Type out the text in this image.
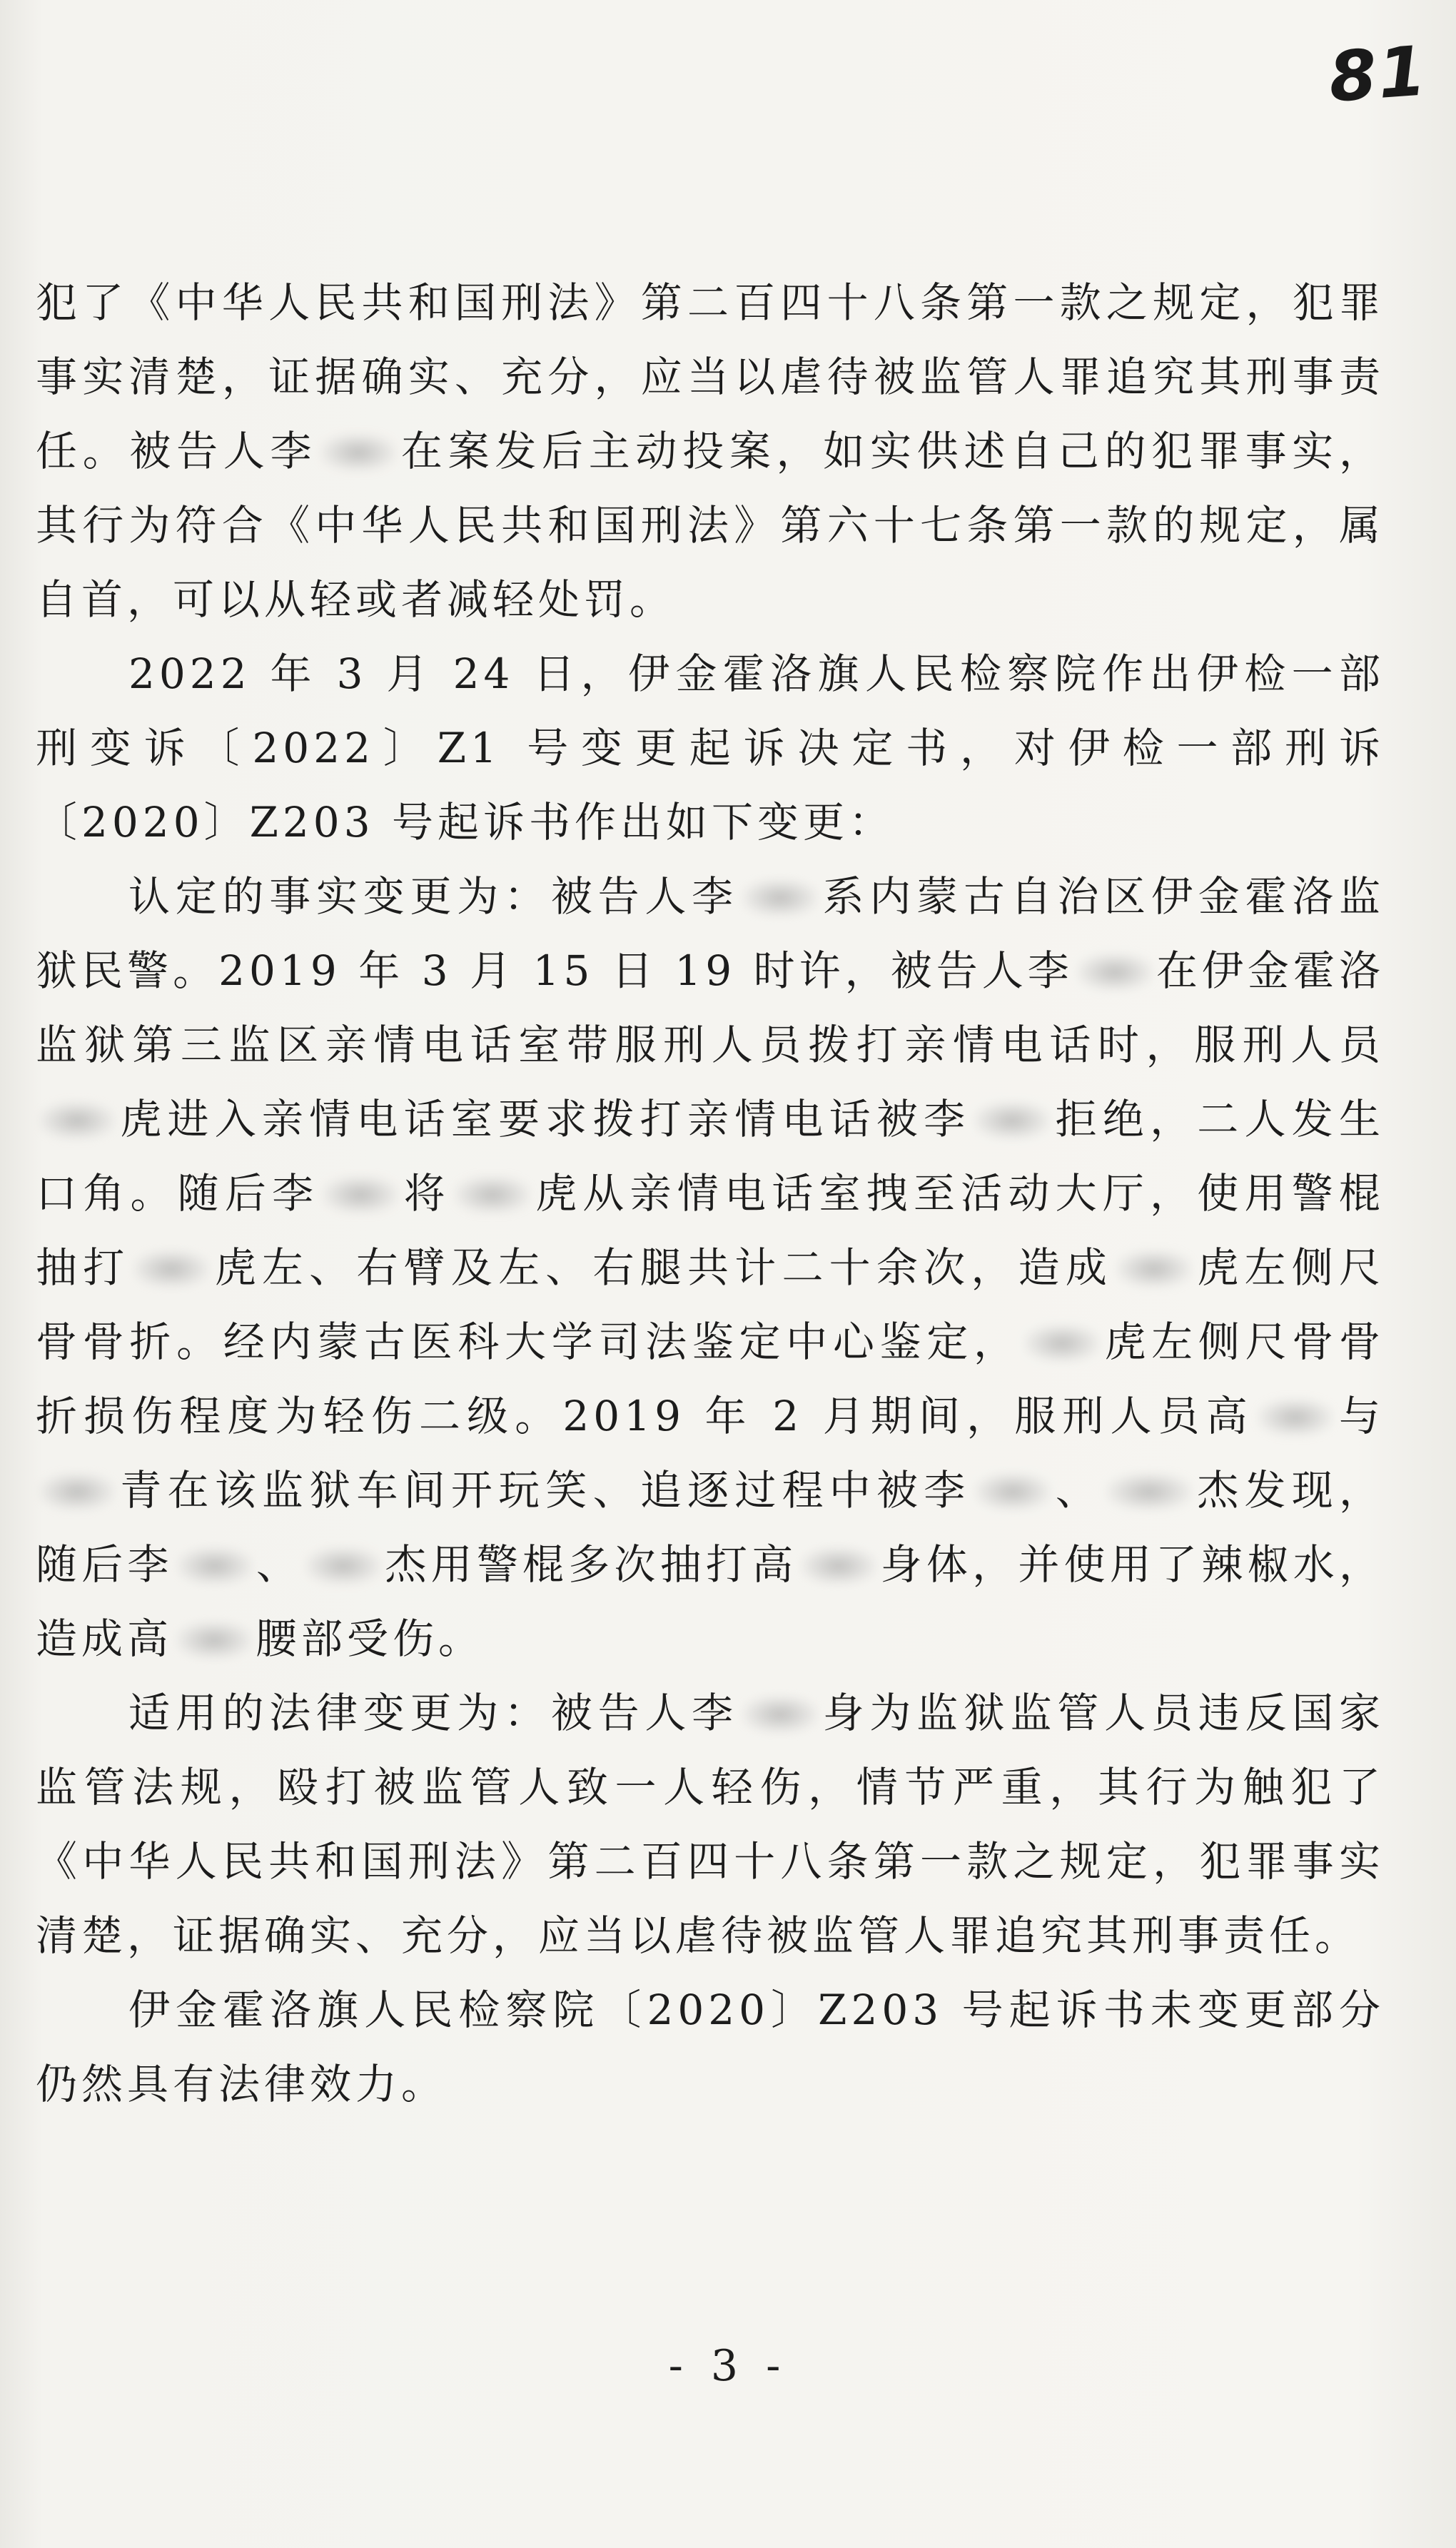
81

犯了《中华人民共和国刑法》第二百四十八条第一款之规定，犯罪事实清楚，证据确实、充分，应当以虐待被监管人罪追究其刑事责任。被告人李 在案发后主动投案，如实供述自己的犯罪事实，其行为符合《中华人民共和国刑法》第六十七条第一款的规定，属自首，可以从轻或者减轻处罚。

2022 年 3 月 24 日，伊金霍洛旗人民检察院作出伊检一部刑变诉〔2022〕Z1 号变更起诉决定书，对伊检一部刑诉〔2020〕Z203 号起诉书作出如下变更：

认定的事实变更为：被告人李 系内蒙古自治区伊金霍洛监狱民警。2019 年 3 月 15 日 19 时许，被告人李 在伊金霍洛监狱第三监区亲情电话室带服刑人员拨打亲情电话时，服刑人员虎进入亲情电话室要求拨打亲情电话被李 拒绝，二人发生口角。随后李 将 虎从亲情电话室拽至活动大厅，使用警棍抽打 虎左、右臂及左、右腿共计二十余次，造成 虎左侧尺骨骨折。经内蒙古医科大学司法鉴定中心鉴定， 虎左侧尺骨骨折损伤程度为轻伤二级。2019 年 2 月期间，服刑人员高 与青在该监狱车间开玩笑、追逐过程中被李 、 杰发现，随后李 、 杰用警棍多次抽打高 身体，并使用了辣椒水，造成高 腰部受伤。

适用的法律变更为：被告人李 身为监狱监管人员违反国家监管法规，殴打被监管人致一人轻伤，情节严重，其行为触犯了《中华人民共和国刑法》第二百四十八条第一款之规定，犯罪事实清楚，证据确实、充分，应当以虐待被监管人罪追究其刑事责任。

伊金霍洛旗人民检察院〔2020〕Z203 号起诉书未变更部分仍然具有法律效力。

- 3 -
